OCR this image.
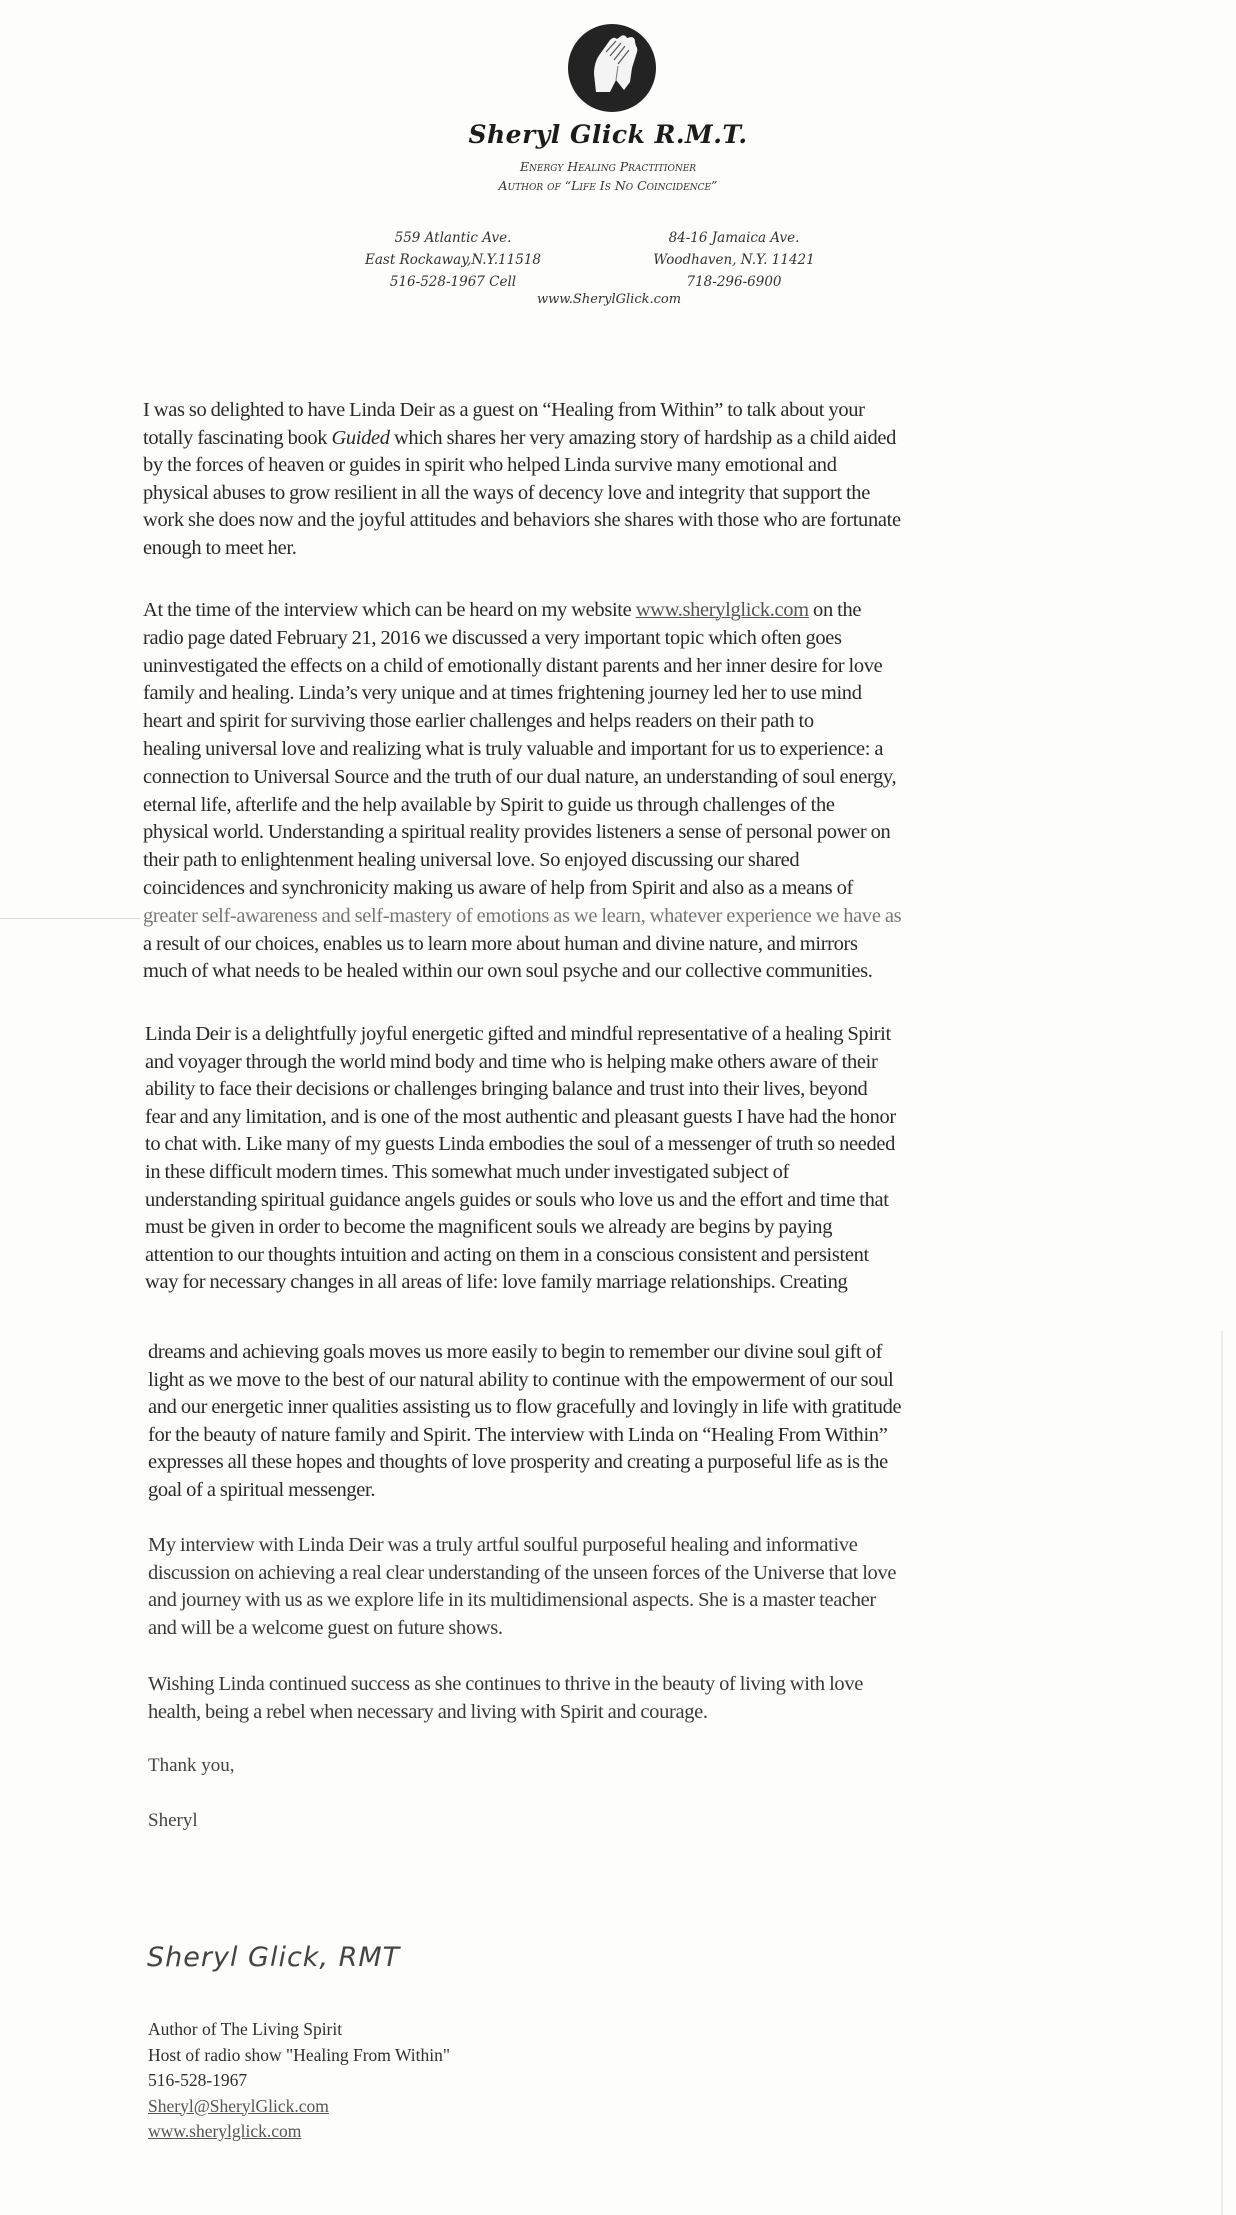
Sheryl Glick R.M.T.
Energy Healing Practitioner
Author of “Life Is No Coincidence”
559 Atlantic Ave.
East Rockaway,N.Y.11518
516-528-1967 Cell
84-16 Jamaica Ave.
Woodhaven, N.Y. 11421
718-296-6900
www.SherylGlick.com
I was so delighted to have Linda Deir as a guest on “Healing from Within” to talk about your
totally fascinating book Guided which shares her very amazing story of hardship as a child aided
by the forces of heaven or guides in spirit who helped Linda survive many emotional and
physical abuses to grow resilient in all the ways of decency love and integrity that support the
work she does now and the joyful attitudes and behaviors she shares with those who are fortunate
enough to meet her.
At the time of the interview which can be heard on my website www.sherylglick.com on the
radio page dated February 21, 2016 we discussed a very important topic which often goes
uninvestigated the effects on a child of emotionally distant parents and her inner desire for love
family and healing. Linda’s very unique and at times frightening journey led her to use mind
heart and spirit for surviving those earlier challenges and helps readers on their path to
healing universal love and realizing what is truly valuable and important for us to experience: a
connection to Universal Source and the truth of our dual nature, an understanding of soul energy,
eternal life, afterlife and the help available by Spirit to guide us through challenges of the
physical world. Understanding a spiritual reality provides listeners a sense of personal power on
their path to enlightenment healing universal love. So enjoyed discussing our shared
coincidences and synchronicity making us aware of help from Spirit and also as a means of
greater self-awareness and self-mastery of emotions as we learn, whatever experience we have as
a result of our choices, enables us to learn more about human and divine nature, and mirrors
much of what needs to be healed within our own soul psyche and our collective communities.
Linda Deir is a delightfully joyful energetic gifted and mindful representative of a healing Spirit
and voyager through the world mind body and time who is helping make others aware of their
ability to face their decisions or challenges bringing balance and trust into their lives, beyond
fear and any limitation, and is one of the most authentic and pleasant guests I have had the honor
to chat with. Like many of my guests Linda embodies the soul of a messenger of truth so needed
in these difficult modern times. This somewhat much under investigated subject of
understanding spiritual guidance angels guides or souls who love us and the effort and time that
must be given in order to become the magnificent souls we already are begins by paying
attention to our thoughts intuition and acting on them in a conscious consistent and persistent
way for necessary changes in all areas of life: love family marriage relationships. Creating
dreams and achieving goals moves us more easily to begin to remember our divine soul gift of
light as we move to the best of our natural ability to continue with the empowerment of our soul
and our energetic inner qualities assisting us to flow gracefully and lovingly in life with gratitude
for the beauty of nature family and Spirit. The interview with Linda on “Healing From Within”
expresses all these hopes and thoughts of love prosperity and creating a purposeful life as is the
goal of a spiritual messenger.
My interview with Linda Deir was a truly artful soulful purposeful healing and informative
discussion on achieving a real clear understanding of the unseen forces of the Universe that love
and journey with us as we explore life in its multidimensional aspects. She is a master teacher
and will be a welcome guest on future shows.
Wishing Linda continued success as she continues to thrive in the beauty of living with love
health, being a rebel when necessary and living with Spirit and courage.
Thank you,
Sheryl
Sheryl Glick, RMT
Author of The Living Spirit
Host of radio show "Healing From Within"
516-528-1967
Sheryl@SherylGlick.com
www.sherylglick.com
